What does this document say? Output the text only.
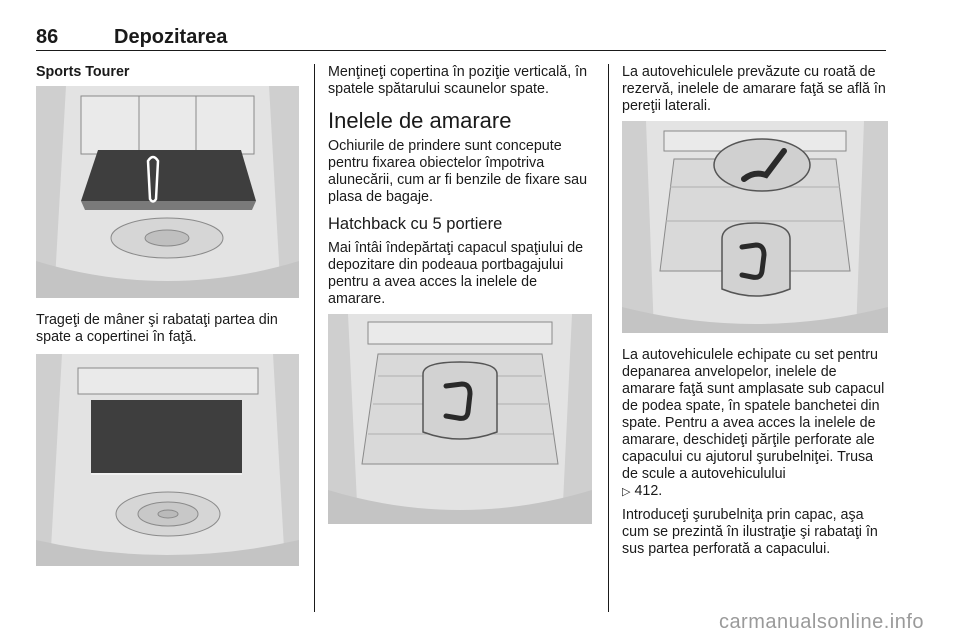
86	Depozitarea
Sports Tourer

Trageţi de mâner şi rabataţi partea din spate a copertinei în faţă.

Menţineţi copertina în poziţie verticală, în spatele spătarului scaunelor spate.

Inelele de amarare

Ochiurile de prindere sunt concepute pentru fixarea obiectelor împotriva alunecării, cum ar fi benzile de fixare sau plasa de bagaje.

Hatchback cu 5 portiere

Mai întâi îndepărtaţi capacul spaţiului de depozitare din podeaua portbagajului pentru a avea acces la inelele de amarare.

La autovehiculele prevăzute cu roată de rezervă, inelele de amarare faţă se află în pereţii laterali.

La autovehiculele echipate cu set pentru depanarea anvelopelor, inelele de amarare faţă sunt amplasate sub capacul de podea spate, în spatele banchetei din spate. Pentru a avea acces la inelele de amarare, deschideţi părţile perforate ale capacului cu ajutorul şurubelniţei. Trusa de scule a autovehiculului
▷ 412.

Introduceţi şurubelniţa prin capac, aşa cum se prezintă în ilustraţie şi rabataţi în sus partea perforată a capacului.

carmanualsonline.info
